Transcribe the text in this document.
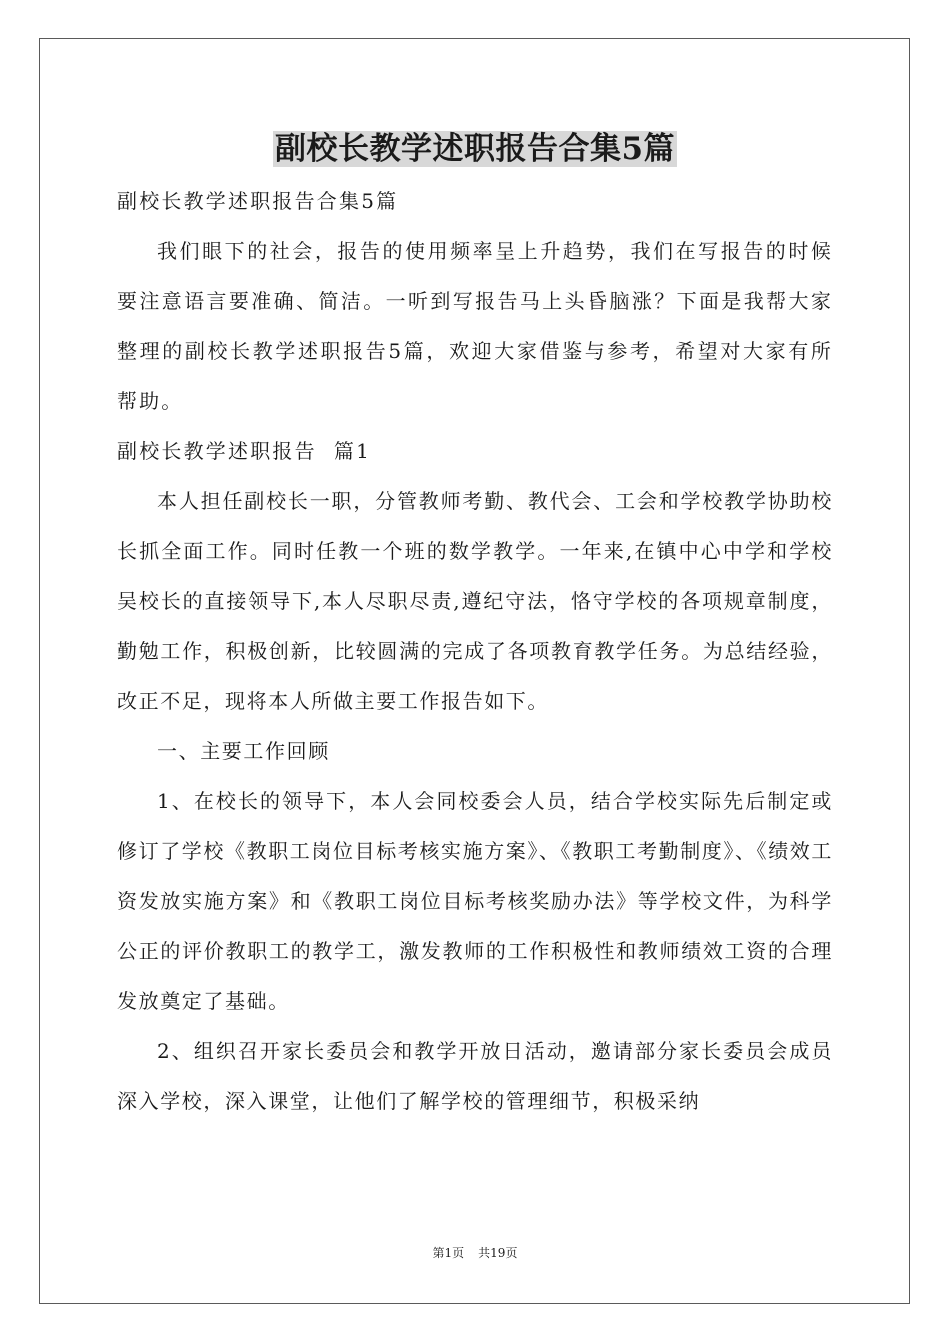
副校长教学述职报告合集5篇
副校长教学述职报告合集5篇

我们眼下的社会，报告的使用频率呈上升趋势，我们在写报告的时候要注意语言要准确、简洁。一听到写报告马上头昏脑涨？下面是我帮大家整理的副校长教学述职报告5篇，欢迎大家借鉴与参考，希望对大家有所帮助。

副校长教学述职报告  篇1

本人担任副校长一职，分管教师考勤、教代会、工会和学校教学协助校长抓全面工作。同时任教一个班的数学教学。一年来,在镇中心中学和学校吴校长的直接领导下,本人尽职尽责,遵纪守法，恪守学校的各项规章制度，勤勉工作，积极创新，比较圆满的完成了各项教育教学任务。为总结经验，改正不足，现将本人所做主要工作报告如下。

一、主要工作回顾

1、在校长的领导下，本人会同校委会人员，结合学校实际先后制定或修订了学校《教职工岗位目标考核实施方案》、《教职工考勤制度》、《绩效工资发放实施方案》和《教职工岗位目标考核奖励办法》等学校文件，为科学公正的评价教职工的教学工，激发教师的工作积极性和教师绩效工资的合理发放奠定了基础。

2、组织召开家长委员会和教学开放日活动，邀请部分家长委员会成员深入学校，深入课堂，让他们了解学校的管理细节，积极采纳

第1页 共19页
